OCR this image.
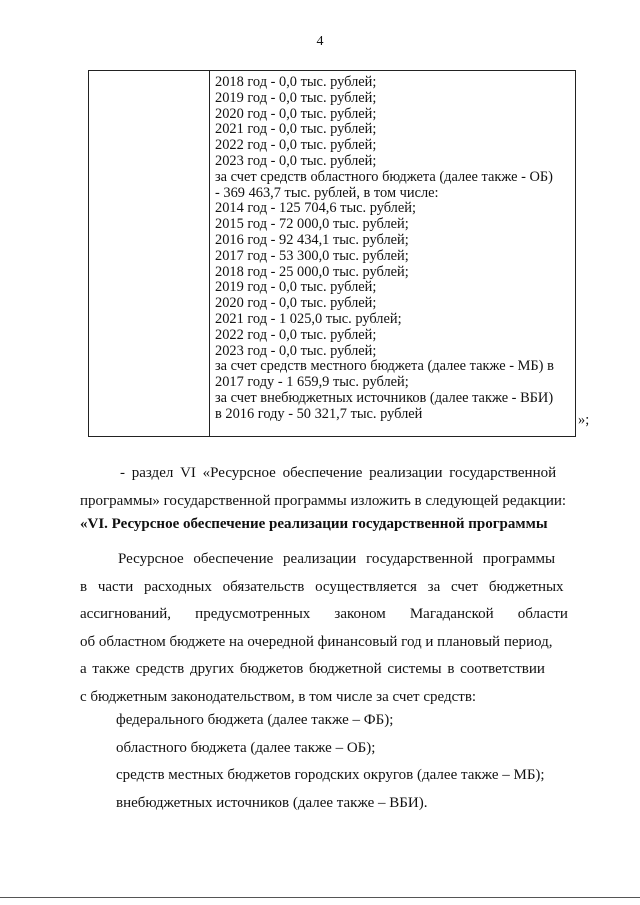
4
2018 год - 0,0 тыс. рублей;
2019 год - 0,0 тыс. рублей;
2020 год - 0,0 тыс. рублей;
2021 год - 0,0 тыс. рублей;
2022 год - 0,0 тыс. рублей;
2023 год - 0,0 тыс. рублей;
за счет средств областного бюджета (далее также - ОБ)
- 369 463,7 тыс. рублей, в том числе:
2014 год - 125 704,6 тыс. рублей;
2015 год - 72 000,0 тыс. рублей;
2016 год - 92 434,1 тыс. рублей;
2017 год - 53 300,0 тыс. рублей;
2018 год - 25 000,0 тыс. рублей;
2019 год - 0,0 тыс. рублей;
2020 год - 0,0 тыс. рублей;
2021 год - 1 025,0 тыс. рублей;
2022 год - 0,0 тыс. рублей;
2023 год - 0,0 тыс. рублей;
за счет средств местного бюджета (далее также - МБ) в
2017 году - 1 659,9 тыс. рублей;
за счет внебюджетных источников (далее также - ВБИ)
в 2016 году - 50 321,7 тыс. рублей	»;
- раздел VI «Ресурсное обеспечение реализации государственной
программы» государственной программы изложить в следующей редакции:
«VI. Ресурсное обеспечение реализации государственной программы
Ресурсное обеспечение реализации государственной программы
в части расходных обязательств осуществляется за счет бюджетных
ассигнований, предусмотренных законом Магаданской области
об областном бюджете на очередной финансовый год и плановый период,
а также средств других бюджетов бюджетной системы в соответствии
с бюджетным законодательством, в том числе за счет средств:
федерального бюджета (далее также – ФБ);
областного бюджета (далее также – ОБ);
средств местных бюджетов городских округов (далее также – МБ);
внебюджетных источников (далее также – ВБИ).
